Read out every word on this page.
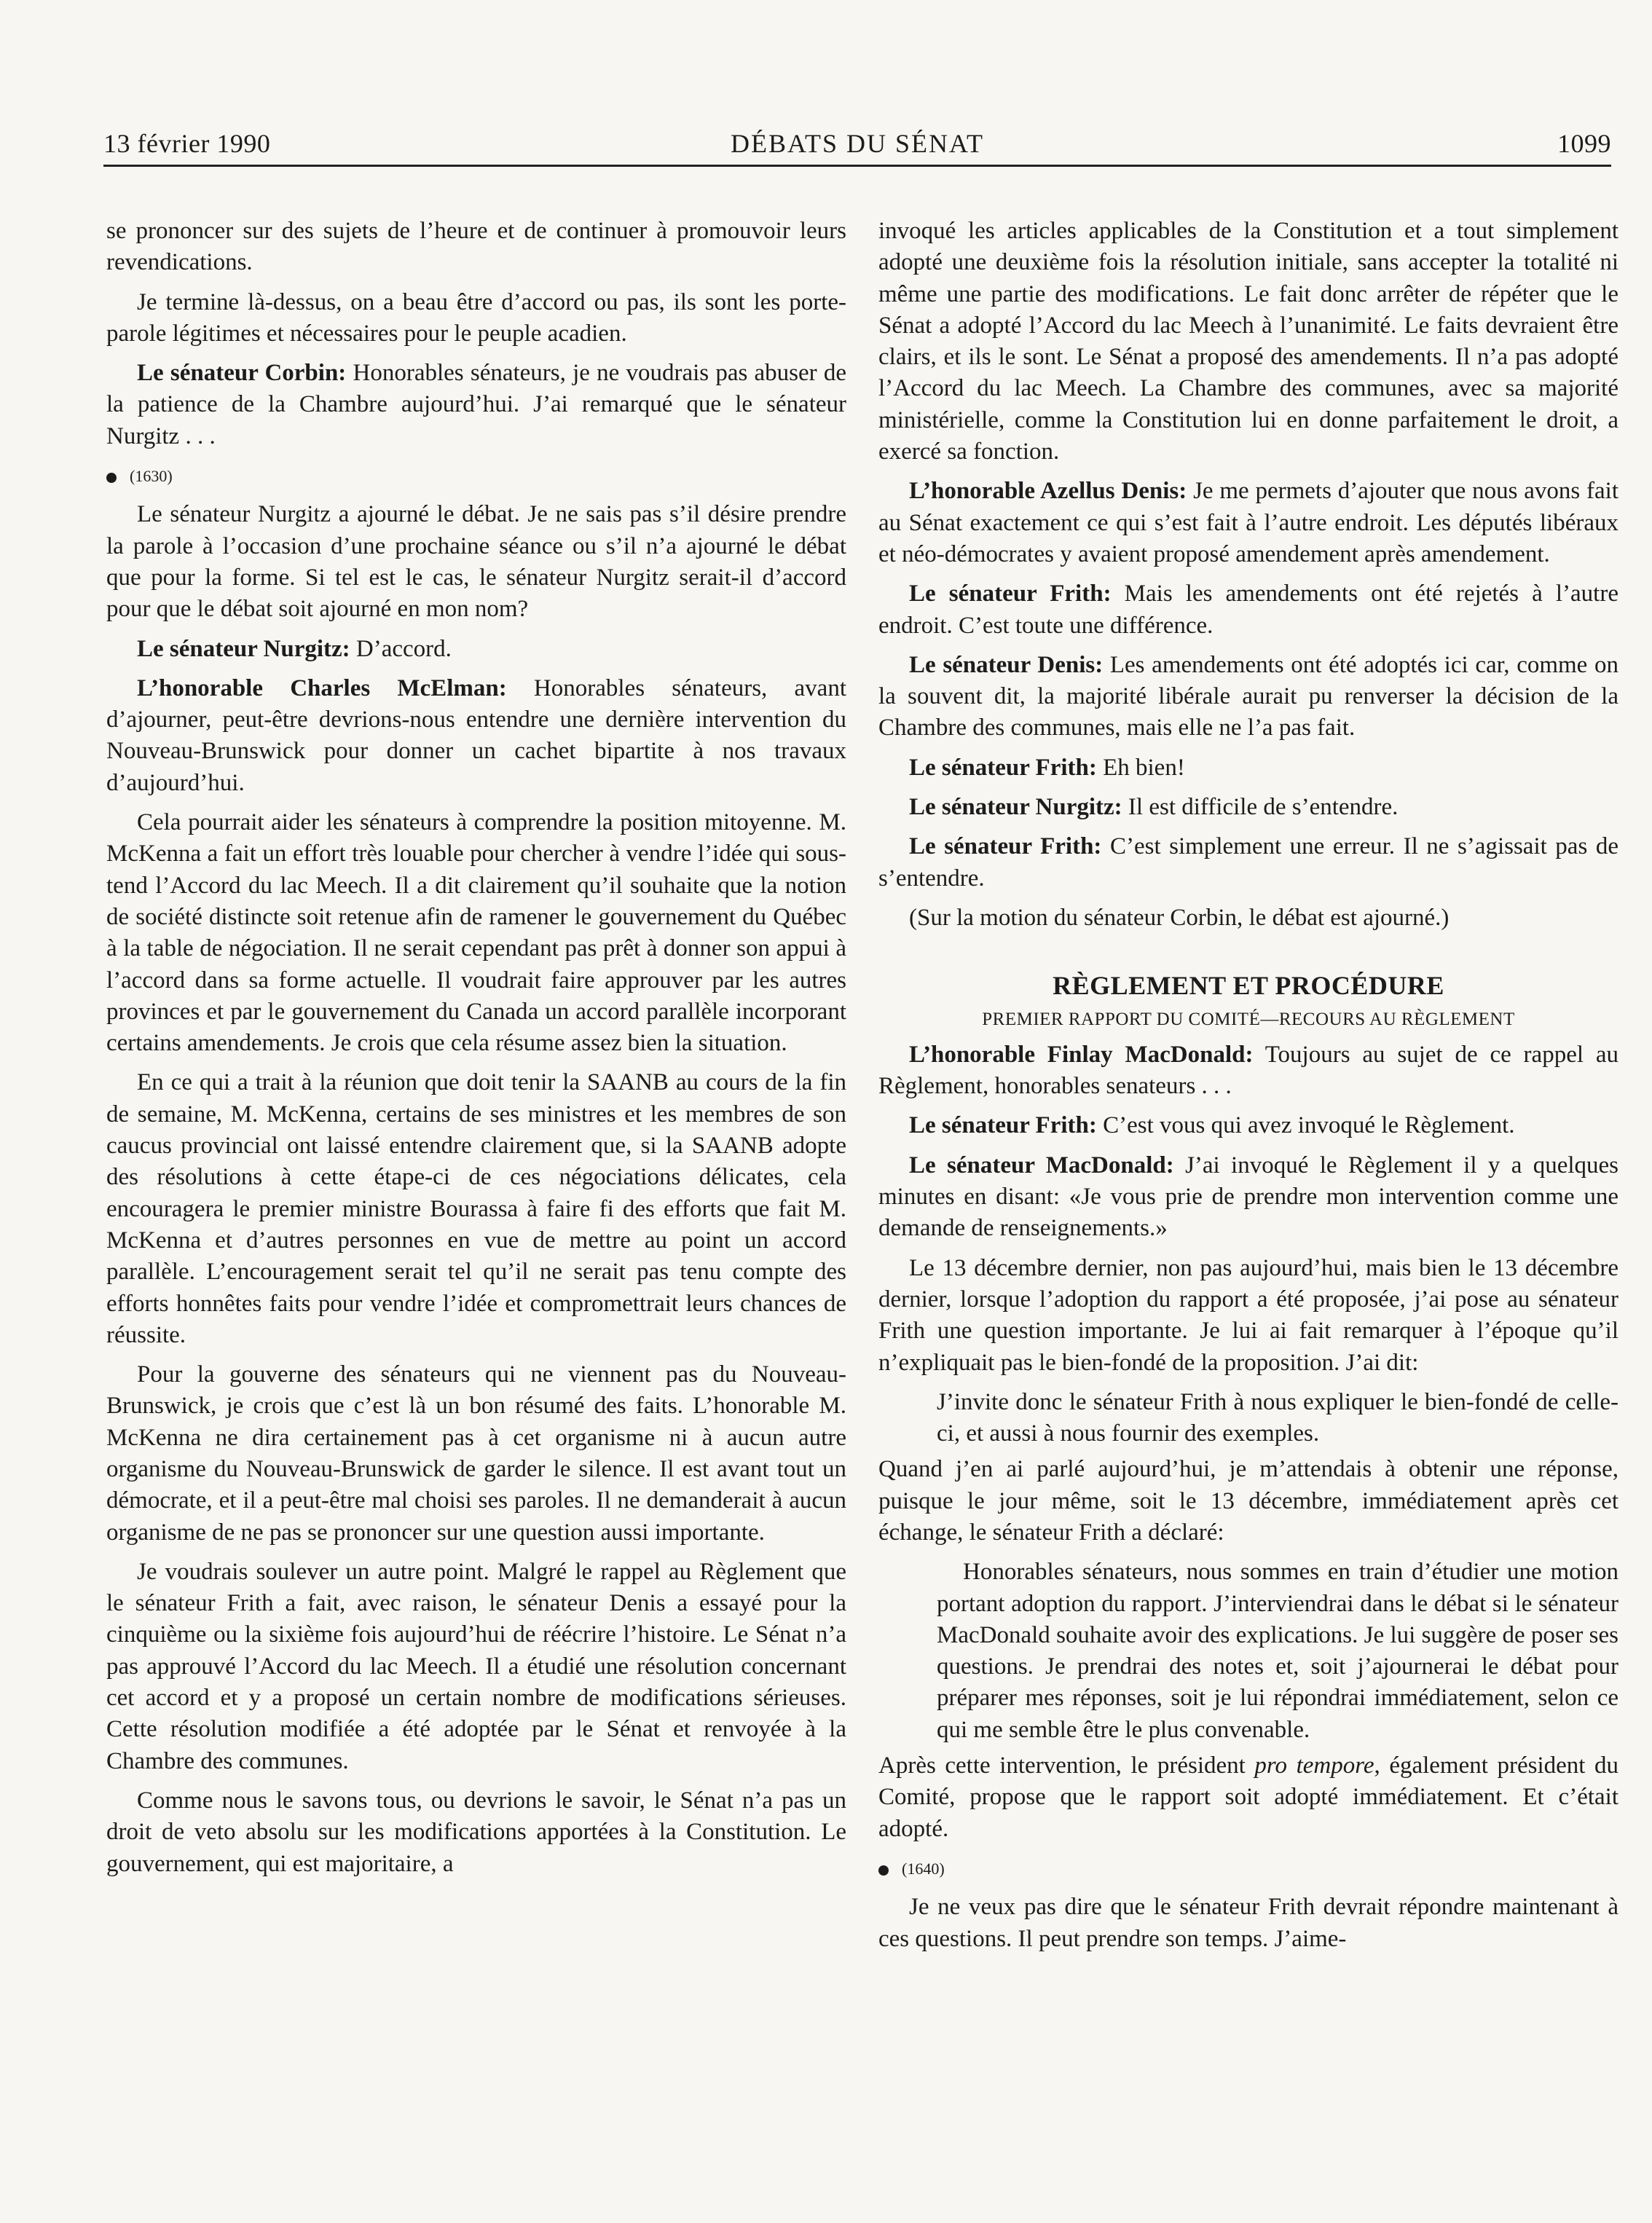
13 février 1990	DÉBATS DU SÉNAT	1099

se prononcer sur des sujets de l’heure et de continuer à promouvoir leurs revendications.

Je termine là-dessus, on a beau être d’accord ou pas, ils sont les porte-parole légitimes et nécessaires pour le peuple acadien.

Le sénateur Corbin: Honorables sénateurs, je ne voudrais pas abuser de la patience de la Chambre aujourd’hui. J’ai remarqué que le sénateur Nurgitz . . .

(1630)

Le sénateur Nurgitz a ajourné le débat. Je ne sais pas s’il désire prendre la parole à l’occasion d’une prochaine séance ou s’il n’a ajourné le débat que pour la forme. Si tel est le cas, le sénateur Nurgitz serait-il d’accord pour que le débat soit ajourné en mon nom?

Le sénateur Nurgitz: D’accord.

L’honorable Charles McElman: Honorables sénateurs, avant d’ajourner, peut-être devrions-nous entendre une dernière intervention du Nouveau-Brunswick pour donner un cachet bipartite à nos travaux d’aujourd’hui.

Cela pourrait aider les sénateurs à comprendre la position mitoyenne. M. McKenna a fait un effort très louable pour chercher à vendre l’idée qui sous-tend l’Accord du lac Meech. Il a dit clairement qu’il souhaite que la notion de société distincte soit retenue afin de ramener le gouvernement du Québec à la table de négociation. Il ne serait cependant pas prêt à donner son appui à l’accord dans sa forme actuelle. Il voudrait faire approuver par les autres provinces et par le gouvernement du Canada un accord parallèle incorporant certains amendements. Je crois que cela résume assez bien la situation.

En ce qui a trait à la réunion que doit tenir la SAANB au cours de la fin de semaine, M. McKenna, certains de ses ministres et les membres de son caucus provincial ont laissé entendre clairement que, si la SAANB adopte des résolutions à cette étape-ci de ces négociations délicates, cela encouragera le premier ministre Bourassa à faire fi des efforts que fait M. McKenna et d’autres personnes en vue de mettre au point un accord parallèle. L’encouragement serait tel qu’il ne serait pas tenu compte des efforts honnêtes faits pour vendre l’idée et compromettrait leurs chances de réussite.

Pour la gouverne des sénateurs qui ne viennent pas du Nouveau-Brunswick, je crois que c’est là un bon résumé des faits. L’honorable M. McKenna ne dira certainement pas à cet organisme ni à aucun autre organisme du Nouveau-Brunswick de garder le silence. Il est avant tout un démocrate, et il a peut-être mal choisi ses paroles. Il ne demanderait à aucun organisme de ne pas se prononcer sur une question aussi importante.

Je voudrais soulever un autre point. Malgré le rappel au Règlement que le sénateur Frith a fait, avec raison, le sénateur Denis a essayé pour la cinquième ou la sixième fois aujourd’hui de réécrire l’histoire. Le Sénat n’a pas approuvé l’Accord du lac Meech. Il a étudié une résolution concernant cet accord et y a proposé un certain nombre de modifications sérieuses. Cette résolution modifiée a été adoptée par le Sénat et renvoyée à la Chambre des communes.

Comme nous le savons tous, ou devrions le savoir, le Sénat n’a pas un droit de veto absolu sur les modifications apportées à la Constitution. Le gouvernement, qui est majoritaire, a

invoqué les articles applicables de la Constitution et a tout simplement adopté une deuxième fois la résolution initiale, sans accepter la totalité ni même une partie des modifications. Le fait donc arrêter de répéter que le Sénat a adopté l’Accord du lac Meech à l’unanimité. Le faits devraient être clairs, et ils le sont. Le Sénat a proposé des amendements. Il n’a pas adopté l’Accord du lac Meech. La Chambre des communes, avec sa majorité ministérielle, comme la Constitution lui en donne parfaitement le droit, a exercé sa fonction.

L’honorable Azellus Denis: Je me permets d’ajouter que nous avons fait au Sénat exactement ce qui s’est fait à l’autre endroit. Les députés libéraux et néo-démocrates y avaient proposé amendement après amendement.

Le sénateur Frith: Mais les amendements ont été rejetés à l’autre endroit. C’est toute une différence.

Le sénateur Denis: Les amendements ont été adoptés ici car, comme on la souvent dit, la majorité libérale aurait pu renverser la décision de la Chambre des communes, mais elle ne l’a pas fait.

Le sénateur Frith: Eh bien!

Le sénateur Nurgitz: Il est difficile de s’entendre.

Le sénateur Frith: C’est simplement une erreur. Il ne s’agissait pas de s’entendre.

(Sur la motion du sénateur Corbin, le débat est ajourné.)

RÈGLEMENT ET PROCÉDURE
PREMIER RAPPORT DU COMITÉ—RECOURS AU RÈGLEMENT

L’honorable Finlay MacDonald: Toujours au sujet de ce rappel au Règlement, honorables senateurs . . .

Le sénateur Frith: C’est vous qui avez invoqué le Règlement.

Le sénateur MacDonald: J’ai invoqué le Règlement il y a quelques minutes en disant: «Je vous prie de prendre mon intervention comme une demande de renseignements.»

Le 13 décembre dernier, non pas aujourd’hui, mais bien le 13 décembre dernier, lorsque l’adoption du rapport a été proposée, j’ai pose au sénateur Frith une question importante. Je lui ai fait remarquer à l’époque qu’il n’expliquait pas le bien-fondé de la proposition. J’ai dit:

J’invite donc le sénateur Frith à nous expliquer le bien-fondé de celle-ci, et aussi à nous fournir des exemples.

Quand j’en ai parlé aujourd’hui, je m’attendais à obtenir une réponse, puisque le jour même, soit le 13 décembre, immédiatement après cet échange, le sénateur Frith a déclaré:

Honorables sénateurs, nous sommes en train d’étudier une motion portant adoption du rapport. J’interviendrai dans le débat si le sénateur MacDonald souhaite avoir des explications. Je lui suggère de poser ses questions. Je prendrai des notes et, soit j’ajournerai le débat pour préparer mes réponses, soit je lui répondrai immédiatement, selon ce qui me semble être le plus convenable.

Après cette intervention, le président pro tempore, également président du Comité, propose que le rapport soit adopté immédiatement. Et c’était adopté.

(1640)

Je ne veux pas dire que le sénateur Frith devrait répondre maintenant à ces questions. Il peut prendre son temps. J’aime-
